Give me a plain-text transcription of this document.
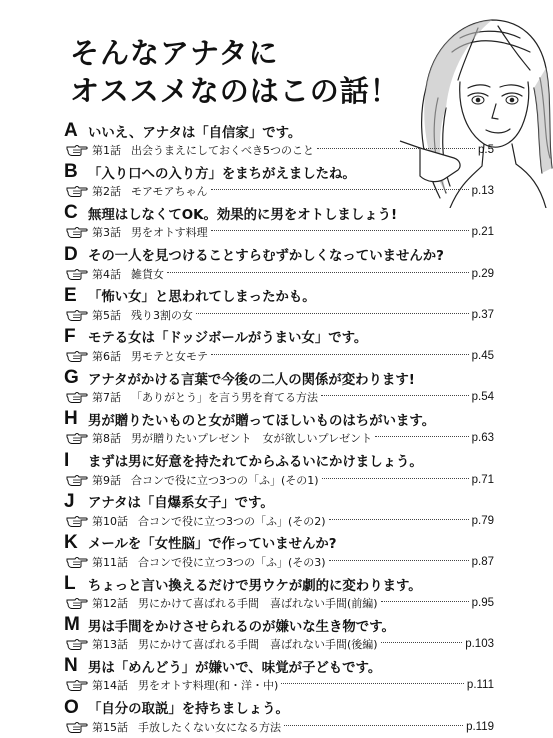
そんなアナタに
オススメなのはこの話！
A いいえ、アナタは「自信家」です。
第1話 出会うまえにしておくべき5つのこと	p.5
B 「入り口への入り方」をまちがえましたね。
第2話 モアモアちゃん	p.13
C 無理はしなくてOK。効果的に男をオトしましょう!
第3話 男をオトす料理	p.21
D その一人を見つけることすらむずかしくなっていませんか?
第4話 雑貨女	p.29
E 「怖い女」と思われてしまったかも。
第5話 残り3割の女	p.37
F モテる女は「ドッジボールがうまい女」です。
第6話 男モテと女モテ	p.45
G アナタがかける言葉で今後の二人の関係が変わります!
第7話 「ありがとう」を言う男を育てる方法	p.54
H 男が贈りたいものと女が贈ってほしいものはちがいます。
第8話 男が贈りたいプレゼント　女が欲しいプレゼント	p.63
I	まずは男に好意を持たれてからふるいにかけましょう。
第9話 合コンで役に立つ3つの「ふ」(その1)	p.71
J	アナタは「自爆系女子」です。
第10話 合コンで役に立つ3つの「ふ」(その2)	p.79
K メールを「女性脳」で作っていませんか?
第11話 合コンで役に立つ3つの「ふ」(その3)	p.87
L ちょっと言い換えるだけで男ウケが劇的に変わります。
第12話 男にかけて喜ばれる手間　喜ばれない手間(前編)	p.95
M 男は手間をかけさせられるのが嫌いな生き物です。
第13話 男にかけて喜ばれる手間　喜ばれない手間(後編)	p.103
N 男は「めんどう」が嫌いで、味覚が子どもです。
第14話 男をオトす料理(和・洋・中)	p.111
O 「自分の取説」を持ちましょう。
第15話 手放したくない女になる方法	p.119
